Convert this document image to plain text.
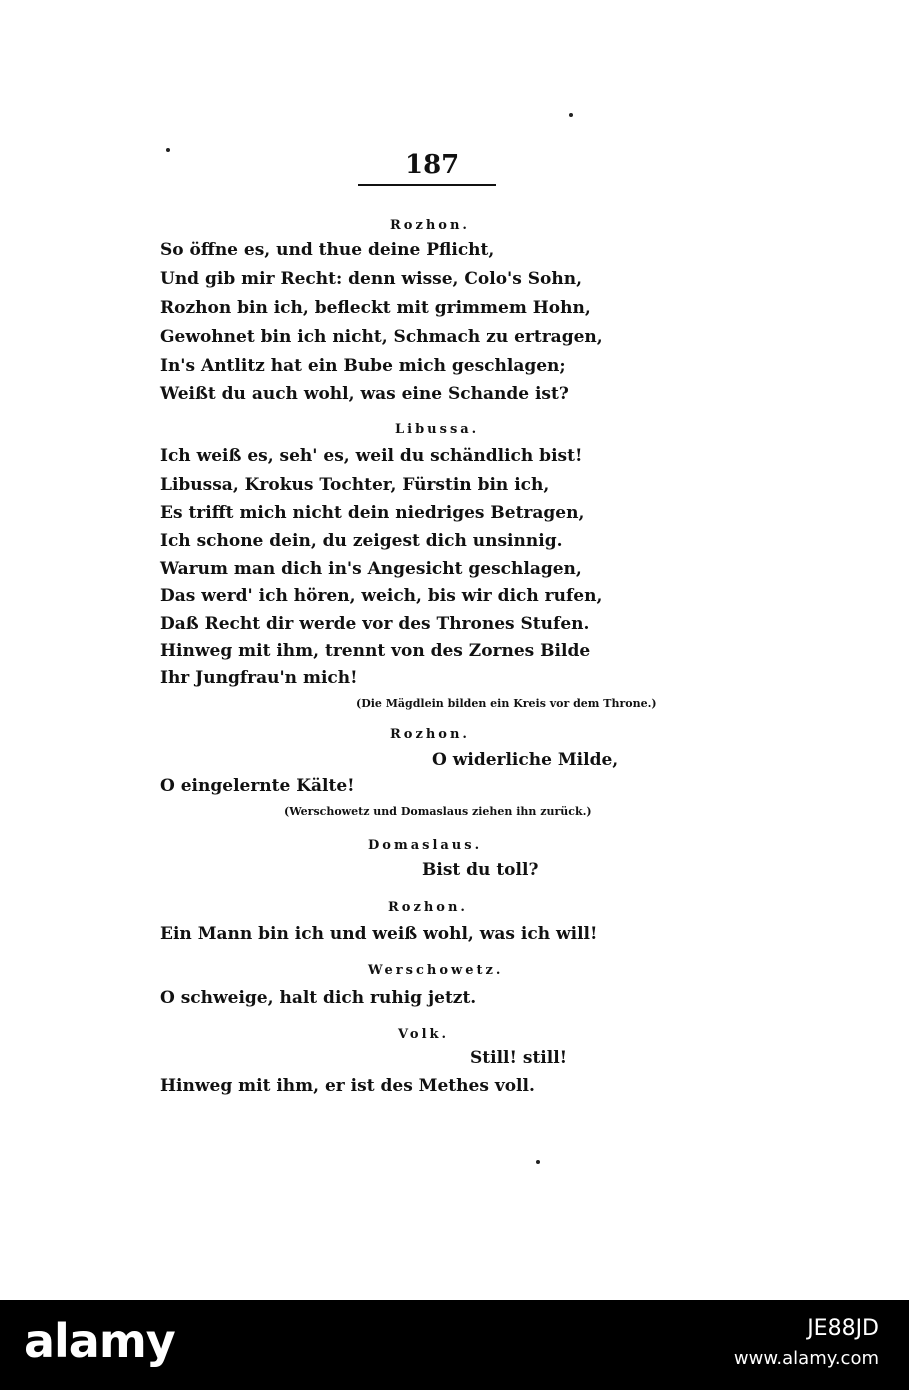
187
Rozhon.
So öffne es, und thue deine Pflicht,
Und gib mir Recht: denn wisse, Colo's Sohn,
Rozhon bin ich, befleckt mit grimmem Hohn,
Gewohnet bin ich nicht, Schmach zu ertragen,
In's Antlitz hat ein Bube mich geschlagen;
Weißt du auch wohl, was eine Schande ist?
Libussa.
Ich weiß es, seh' es, weil du schändlich bist!
Libussa, Krokus Tochter, Fürstin bin ich,
Es trifft mich nicht dein niedriges Betragen,
Ich schone dein, du zeigest dich unsinnig.
Warum man dich in's Angesicht geschlagen,
Das werd' ich hören, weich, bis wir dich rufen,
Daß Recht dir werde vor des Thrones Stufen.
Hinweg mit ihm, trennt von des Zornes Bilde
Ihr Jungfrau'n mich!
(Die Mägdlein bilden ein Kreis vor dem Throne.)
Rozhon.
O widerliche Milde,
O eingelernte Kälte!
(Werschowetz und Domaslaus ziehen ihn zurück.)
Domaslaus.
Bist du toll?
Rozhon.
Ein Mann bin ich und weiß wohl, was ich will!
Werschowetz.
O schweige, halt dich ruhig jetzt.
Volk.
Still! still!
Hinweg mit ihm, er ist des Methes voll.
alamy	JE88JD
www.alamy.com
